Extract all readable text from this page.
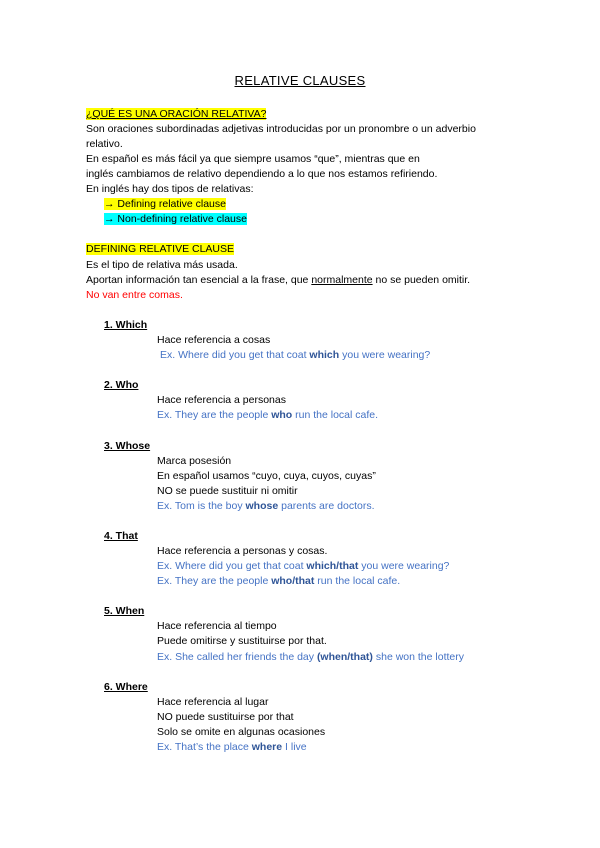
RELATIVE CLAUSES
¿QUÉ ES UNA ORACIÓN RELATIVA?
Son oraciones subordinadas adjetivas introducidas por un pronombre o un adverbio
relativo.
En español es más fácil ya que siempre usamos “que”, mientras que en
inglés cambiamos de relativo dependiendo a lo que nos estamos refiriendo.
En inglés hay dos tipos de relativas:
→ Defining relative clause
→ Non-defining relative clause
DEFINING RELATIVE CLAUSE
Es el tipo de relativa más usada.
Aportan información tan esencial a la frase, que normalmente no se pueden omitir.
No van entre comas.
1. Which
Hace referencia a cosas
Ex. Where did you get that coat which you were wearing?
2. Who
Hace referencia a personas
Ex. They are the people who run the local cafe.
3. Whose
Marca posesión
En español usamos “cuyo, cuya, cuyos, cuyas”
NO se puede sustituir ni omitir
Ex. Tom is the boy whose parents are doctors.
4. That
Hace referencia a personas y cosas.
Ex. Where did you get that coat which/that you were wearing?
Ex. They are the people who/that run the local cafe.
5. When
Hace referencia al tiempo
Puede omitirse y sustituirse por that.
Ex. She called her friends the day (when/that) she won the lottery
6. Where
Hace referencia al lugar
NO puede sustituirse por that
Solo se omite en algunas ocasiones
Ex. That’s the place where I live
